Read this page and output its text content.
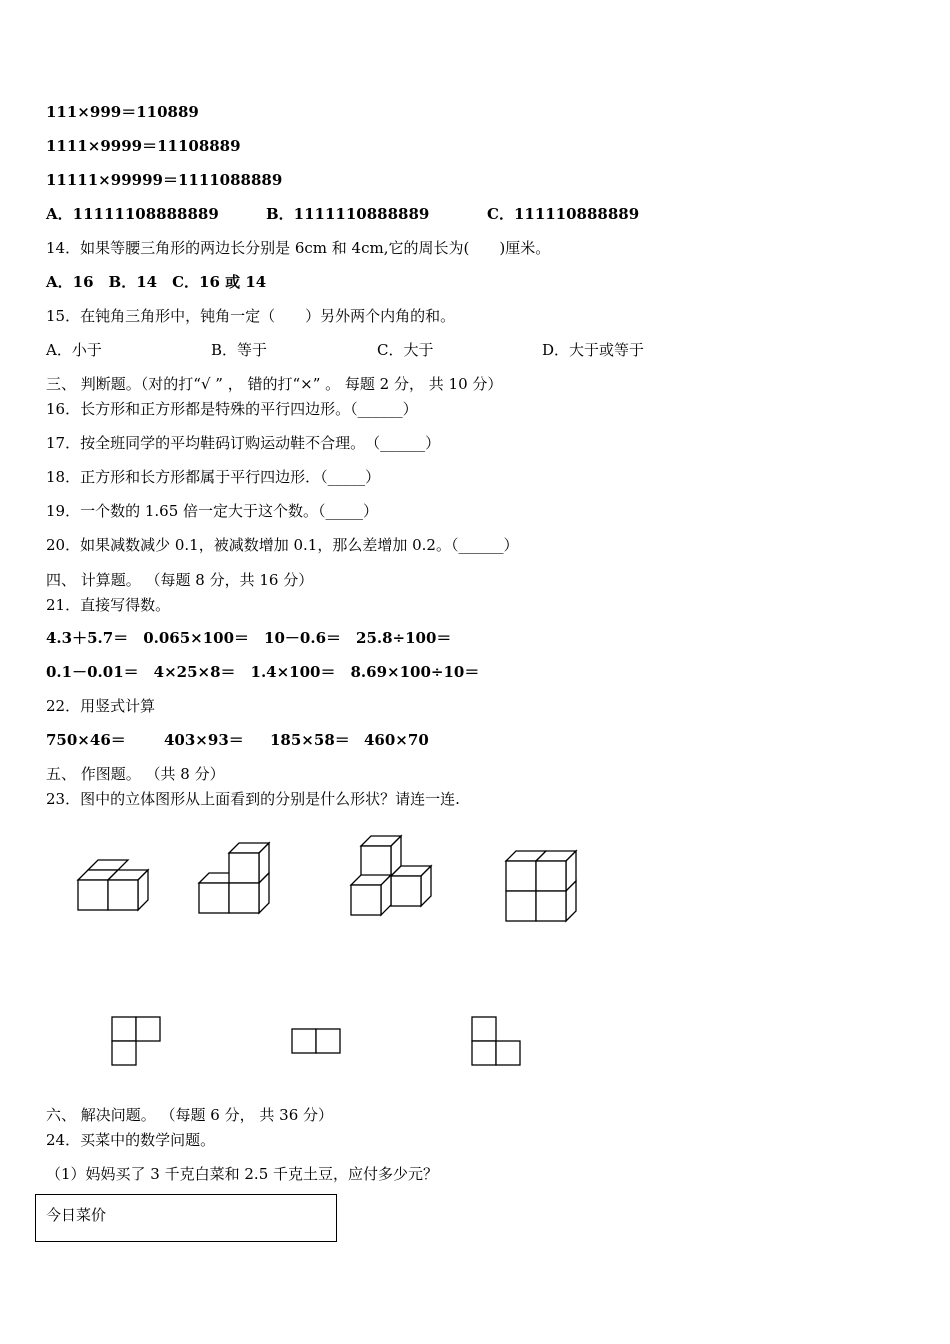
111×999＝110889
1111×9999＝11108889
11111×99999＝1111088889
A．11111108888889	B．1111110888889	C．111110888889
14．如果等腰三角形的两边长分别是 6cm 和 4cm,它的周长为(　　)厘米。
A．16　B．14　C．16 或 14
15．在钝角三角形中，钝角一定（　　）另外两个内角的和。
A．小于	B．等于	C．大于	D．大于或等于
三、 判断题。（对的打“√ ” ， 错的打“×” 。 每题 2 分， 共 10 分）
16．长方形和正方形都是特殊的平行四边形。（______）
17．按全班同学的平均鞋码订购运动鞋不合理。　（______）
18．正方形和长方形都属于平行四边形．（_____）
19．一个数的 1.65 倍一定大于这个数。（_____）
20．如果减数减少 0.1，被减数增加 0.1，那么差增加 0.2。（______）
四、 计算题。 （每题 8 分，共 16 分）
21．直接写得数。
4.3＋5.7＝　0.065×100＝　10－0.6＝　25.8÷100＝
0.1－0.01＝　4×25×8＝　1.4×100＝　8.69×100÷10＝
22．用竖式计算
750×46＝	403×93＝ 185×58＝ 460×70
五、 作图题。 （共 8 分）
23．图中的立体图形从上面看到的分别是什么形状？请连一连.
六、 解决问题。 （每题 6 分， 共 36 分）
24．买菜中的数学问题。
（1）妈妈买了 3 千克白菜和 2.5 千克土豆，应付多少元？
今日菜价
